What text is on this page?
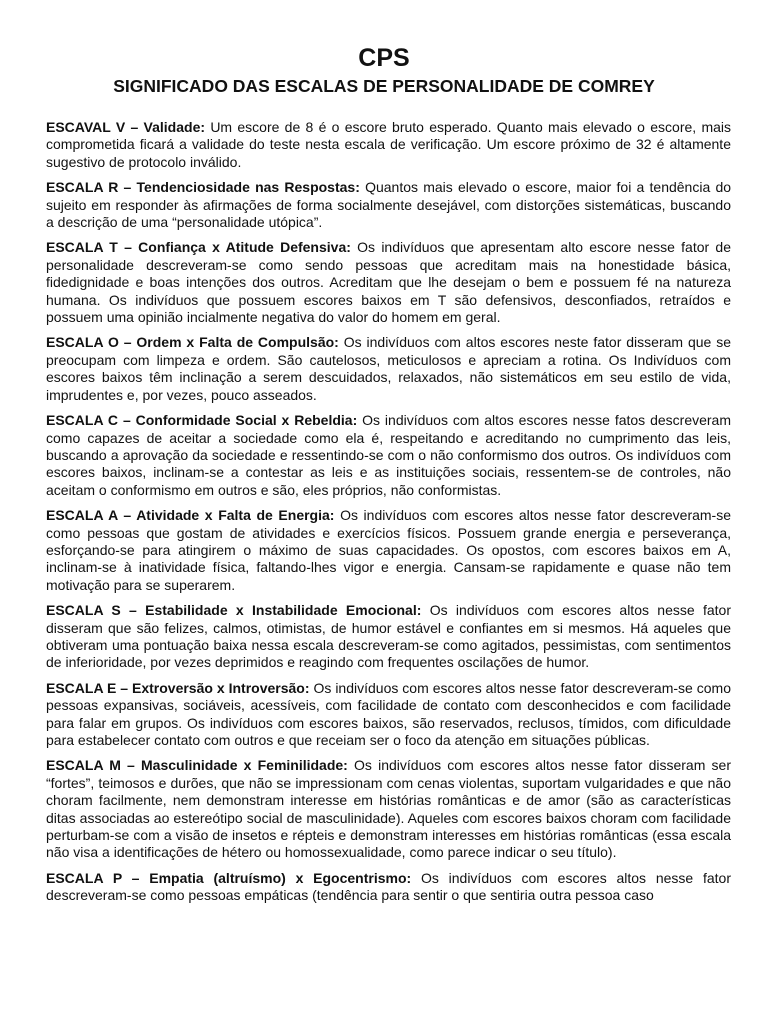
CPS
SIGNIFICADO DAS ESCALAS DE PERSONALIDADE DE COMREY

ESCAVAL V – Validade: Um escore de 8 é o escore bruto esperado. Quanto mais elevado o escore, mais comprometida ficará a validade do teste nesta escala de verificação. Um escore próximo de 32 é altamente sugestivo de protocolo inválido.

ESCALA R – Tendenciosidade nas Respostas: Quantos mais elevado o escore, maior foi a tendência do sujeito em responder às afirmações de forma socialmente desejável, com distorções sistemáticas, buscando a descrição de uma “personalidade utópica”.

ESCALA T – Confiança x Atitude Defensiva: Os indivíduos que apresentam alto escore nesse fator de personalidade descreveram-se como sendo pessoas que acreditam mais na honestidade básica, fidedignidade e boas intenções dos outros. Acreditam que lhe desejam o bem e possuem fé na natureza humana. Os indivíduos que possuem escores baixos em T são defensivos, desconfiados, retraídos e possuem uma opinião incialmente negativa do valor do homem em geral.

ESCALA O – Ordem x Falta de Compulsão: Os indivíduos com altos escores neste fator disseram que se preocupam com limpeza e ordem. São cautelosos, meticulosos e apreciam a rotina. Os Indivíduos com escores baixos têm inclinação a serem descuidados, relaxados, não sistemáticos em seu estilo de vida, imprudentes e, por vezes, pouco asseados.

ESCALA C – Conformidade Social x Rebeldia: Os indivíduos com altos escores nesse fatos descreveram como capazes de aceitar a sociedade como ela é, respeitando e acreditando no cumprimento das leis, buscando a aprovação da sociedade e ressentindo-se com o não conformismo dos outros. Os indivíduos com escores baixos, inclinam-se a contestar as leis e as instituições sociais, ressentem-se de controles, não aceitam o conformismo em outros e são, eles próprios, não conformistas.

ESCALA A – Atividade x Falta de Energia: Os indivíduos com escores altos nesse fator descreveram-se como pessoas que gostam de atividades e exercícios físicos. Possuem grande energia e perseverança, esforçando-se para atingirem o máximo de suas capacidades. Os opostos, com escores baixos em A, inclinam-se à inatividade física, faltando-lhes vigor e energia. Cansam-se rapidamente e quase não tem motivação para se superarem.

ESCALA S – Estabilidade x Instabilidade Emocional: Os indivíduos com escores altos nesse fator disseram que são felizes, calmos, otimistas, de humor estável e confiantes em si mesmos. Há aqueles que obtiveram uma pontuação baixa nessa escala descreveram-se como agitados, pessimistas, com sentimentos de inferioridade, por vezes deprimidos e reagindo com frequentes oscilações de humor.

ESCALA E – Extroversão x Introversão: Os indivíduos com escores altos nesse fator descreveram-se como pessoas expansivas, sociáveis, acessíveis, com facilidade de contato com desconhecidos e com facilidade para falar em grupos. Os indivíduos com escores baixos, são reservados, reclusos, tímidos, com dificuldade para estabelecer contato com outros e que receiam ser o foco da atenção em situações públicas.

ESCALA M – Masculinidade x Feminilidade: Os indivíduos com escores altos nesse fator disseram ser “fortes”, teimosos e durões, que não se impressionam com cenas violentas, suportam vulgaridades e que não choram facilmente, nem demonstram interesse em histórias românticas e de amor (são as características ditas associadas ao estereótipo social de masculinidade). Aqueles com escores baixos choram com facilidade perturbam-se com a visão de insetos e répteis e demonstram interesses em histórias românticas (essa escala não visa a identificações de hétero ou homossexualidade, como parece indicar o seu título).

ESCALA P – Empatia (altruísmo) x Egocentrismo: Os indivíduos com escores altos nesse fator descreveram-se como pessoas empáticas (tendência para sentir o que sentiria outra pessoa caso
